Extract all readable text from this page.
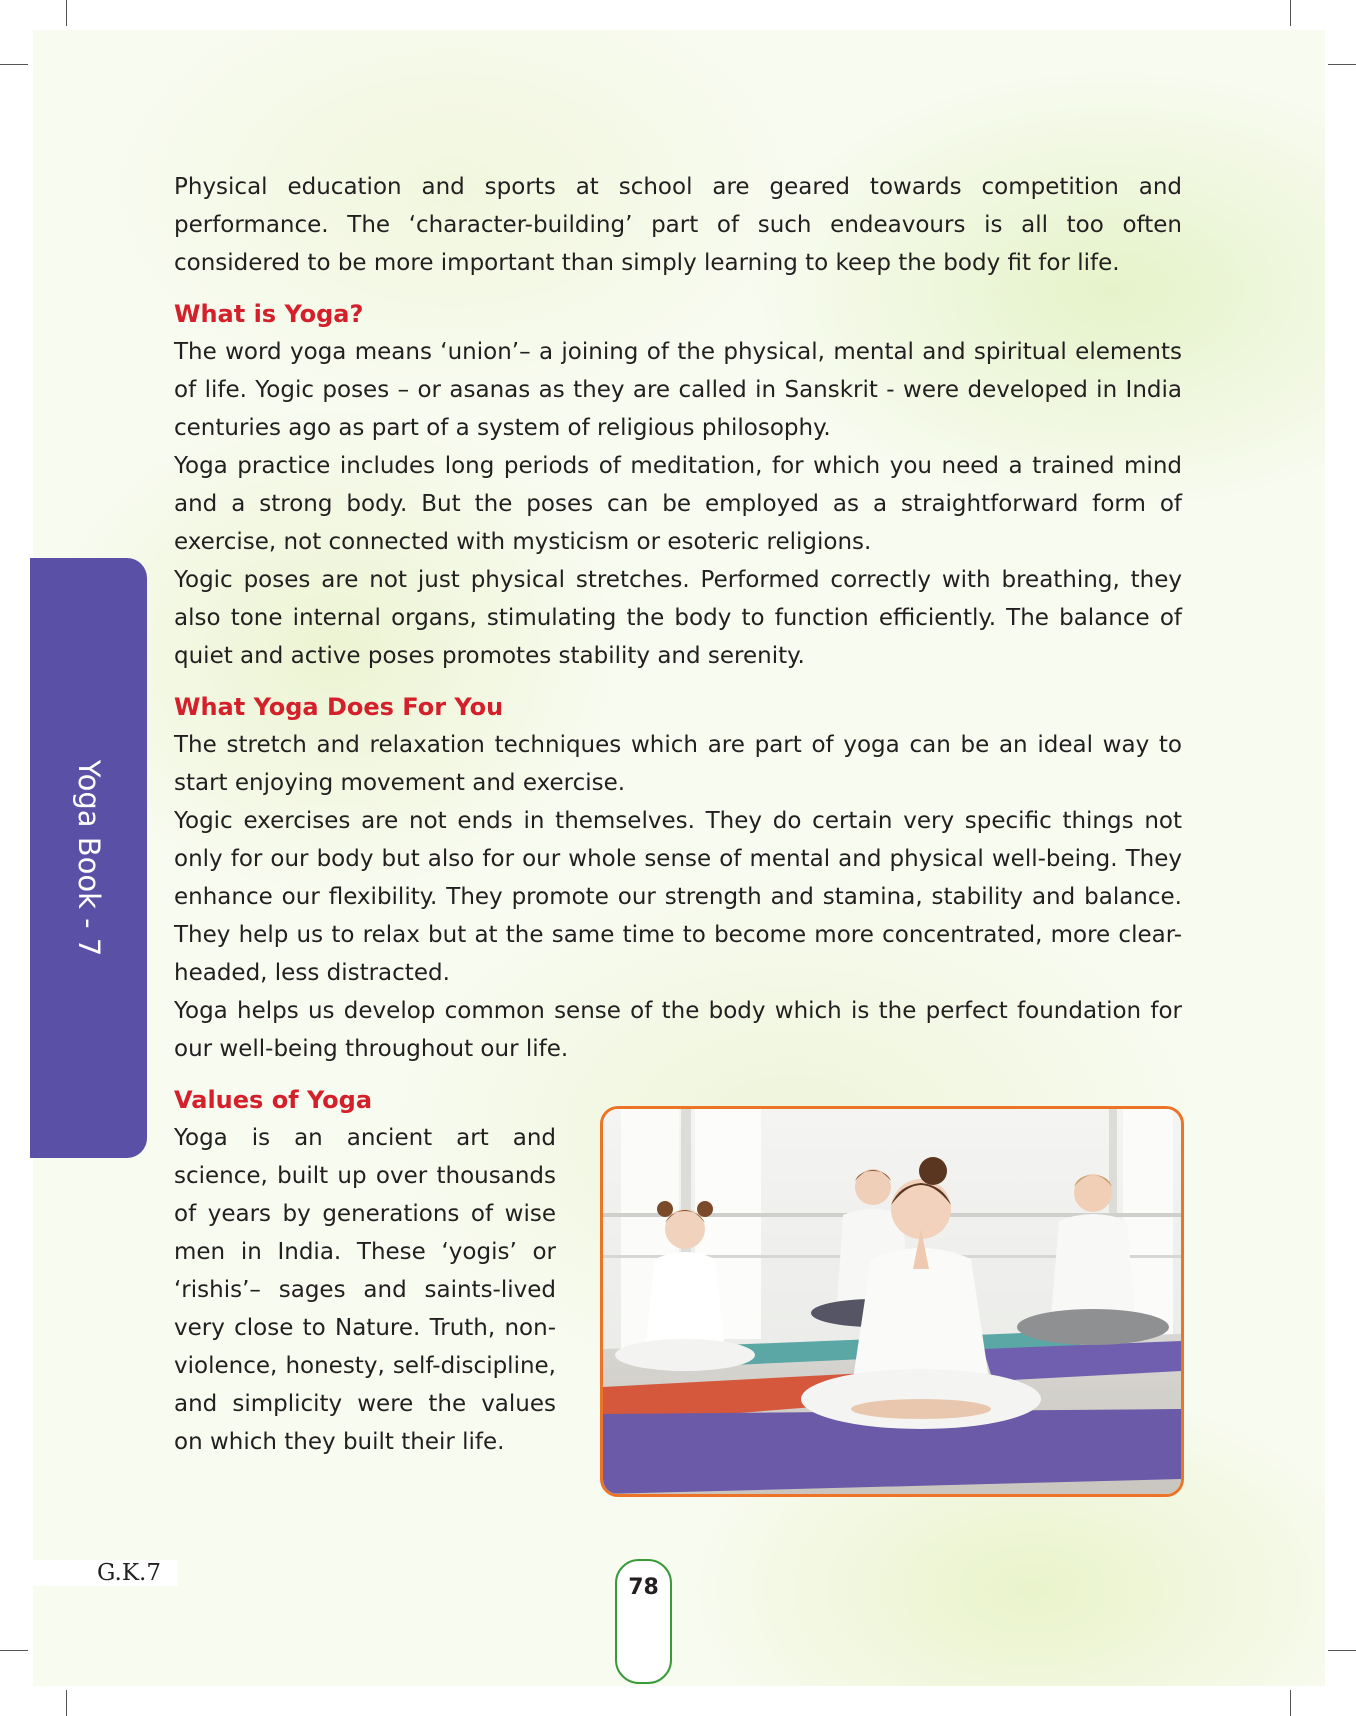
Yoga Book - 7

Physical education and sports at school are geared towards competition and performance. The ‘character-building’ part of such endeavours is all too often considered to be more important than simply learning to keep the body fit for life.

What is Yoga?

The word yoga means ‘union’– a joining of the physical, mental and spiritual elements of life. Yogic poses – or asanas as they are called in Sanskrit - were developed in India centuries ago as part of a system of religious philosophy.

Yoga practice includes long periods of meditation, for which you need a trained mind and a strong body. But the poses can be employed as a straightforward form of exercise, not connected with mysticism or esoteric religions.

Yogic poses are not just physical stretches. Performed correctly with breathing, they also tone internal organs, stimulating the body to function efficiently. The balance of quiet and active poses promotes stability and serenity.

What Yoga Does For You

The stretch and relaxation techniques which are part of yoga can be an ideal way to start enjoying movement and exercise.

Yogic exercises are not ends in themselves. They do certain very specific things not only for our body but also for our whole sense of mental and physical well-being. They enhance our flexibility. They promote our strength and stamina, stability and balance. They help us to relax but at the same time to become more concentrated, more clear-headed, less distracted.

Yoga helps us develop common sense of the body which is the perfect foundation for our well-being throughout our life.

Values of Yoga

Yoga is an ancient art and science, built up over thousands of years by generations of wise men in India. These ‘yogis’ or ‘rishis’– sages and saints-lived very close to Nature. Truth, non-violence, honesty, self-discipline, and simplicity were the values on which they built their life.

G.K.7
78
